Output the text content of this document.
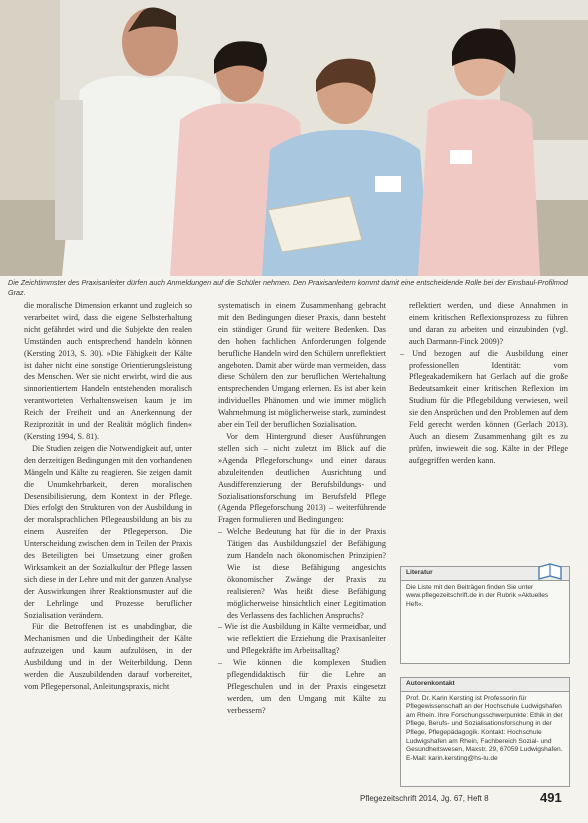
Die Zeichtimmster des Praxisanleiter dürfen auch Anmeldungen auf die Schüler nehmen. Den Praxisanleitern kommt damit eine entscheidende Rolle bei der Einsbaul-Profilmod Graz.

die moralische Dimension erkannt und zugleich so verarbeitet wird, dass die eigene Selbsterhaltung nicht gefährdet wird und die Subjekte den realen Umständen auch entsprechend handeln können (Kersting 2013, S. 30). »Die Fähigkeit der Kälte ist daher nicht eine sonstige Orientierungsleistung des Menschen. Wer sie nicht erwirbt, wird die aus sinnorientiertem Handeln entstehenden moralisch verantworteten Verhaltensweisen kaum je im Reich der Freiheit und an Anerkennung der Reziprozität in und der Realität möglich finden« (Kersting 1994, S. 81).

Die Studien zeigen die Notwendigkeit auf, unter den derzeitigen Bedingungen mit den vorhandenen Mängeln und Kälte zu reagieren. Sie zeigen damit die Unumkehrbarkeit, deren moralischen Desensibilisierung, dem Kontext in der Pflege. Dies erfolgt den Strukturen von der Ausbildung in der moralsprachlichen Pflegeausbildung an bis zu einem Ausreifen der Pflegeperson. Die Unterscheidung zwischen dem in Teilen der Praxis des Beteiligten bei Umsetzung einer großen Wirksamkeit an der Sozialkultur der Pflege lassen sich diese in der Lehre und mit der ganzen Analyse der Auswirkungen ihrer Reaktionsmuster auf die der Lehrlinge und Prozesse beruflicher Sozialisation verändern.

Für die Betroffenen ist es unabdingbar, die Mechanismen und die Unbedingtheit der Kälte aufzuzeigen und kaum aufzulösen, in der Ausbildung und in der Weiterbildung. Denn werden die Auszubildenden darauf vorbereitet, vom Pflegepersonal, Anleitungspraxis, nicht

systematisch in einem Zusammenhang gebracht mit den Bedingungen dieser Praxis, dann besteht ein ständiger Grund für weitere Bedenken. Das den hohen fachlichen Anforderungen folgende berufliche Handeln wird den Schülern unreflektiert angeboten. Damit aber würde man vermeiden, dass diese Schülern den zur beruflichen Wertehaltung entsprechenden Umgang erlernen. Es ist aber kein individuelles Phänomen und wie immer möglich Wahrnehmung ist möglicherweise stark, zumindest aber ein Teil der beruflichen Sozialisation.

Vor dem Hintergrund dieser Ausführungen stellen sich – nicht zuletzt im Blick auf die »Agenda Pflegeforschung« und einer daraus abzuleitenden deutlichen Ausrichtung und Ausdifferenzierung der Berufsbildungs- und Sozialisationsforschung im Berufsfeld Pflege (Agenda Pflegeforschung 2013) – weiterführende Fragen formulieren und Bedingungen:

– Welche Bedeutung hat für die in der Praxis Tätigen das Ausbildungsziel der Befähigung zum Handeln nach ökonomischen Prinzipien? Wie ist diese Befähigung angesichts ökonomischer Zwänge der Praxis zu realisieren? Was heißt diese Befähigung möglicherweise hinsichtlich einer Legitimation des Verlassens des fachlichen Anspruchs?
– Wie ist die Ausbildung in Kälte vermeidbar, und wie reflektiert die Erziehung die Praxisanleiter und Pflegekräfte im Arbeitsalltag?
– Wie können die komplexen Studien pflegendidaktisch für die Lehre an Pflegeschulen und in der Praxis eingesetzt werden, um den Umgang mit Kälte zu verbessern?

reflektiert werden, und diese Annahmen in einem kritischen Reflexionsprozess zu führen und daran zu arbeiten und einzubinden (vgl. auch Darmann-Finck 2009)?

– Und bezogen auf die Ausbildung einer professionellen Identität: vom Pflegeakademikern hat Gerlach auf die große Bedeutsamkeit einer kritischen Reflexion im Studium für die Pflegebildung verwiesen, weil sie den Ansprüchen und den Problemen auf dem Feld gerecht werden können (Gerlach 2013). Auch an diesem Zusammenhang gilt es zu prüfen, inwieweit die sog. Kälte in der Pflege aufgegriffen werden kann.
Literatur
Die Liste mit den Beiträgen finden Sie unter www.pflegezeitschrift.de in der Rubrik »Aktuelles Heft«.
Autorenkontakt
Prof. Dr. Karin Kersting ist Professorin für Pflegewissenschaft an der Hochschule Ludwigshafen am Rhein. Ihre Forschungsschwerpunkte: Ethik in der Pflege, Berufs- und Sozialisationsforschung in der Pflege, Pflegepädagogik. Kontakt: Hochschule Ludwigshafen am Rhein, Fachbereich Sozial- und Gesundheitswesen, Maxstr. 29, 67059 Ludwigshafen. E-Mail: karin.kersting@hs-lu.de
Pflegezeitschrift 2014, Jg. 67, Heft 8	491
